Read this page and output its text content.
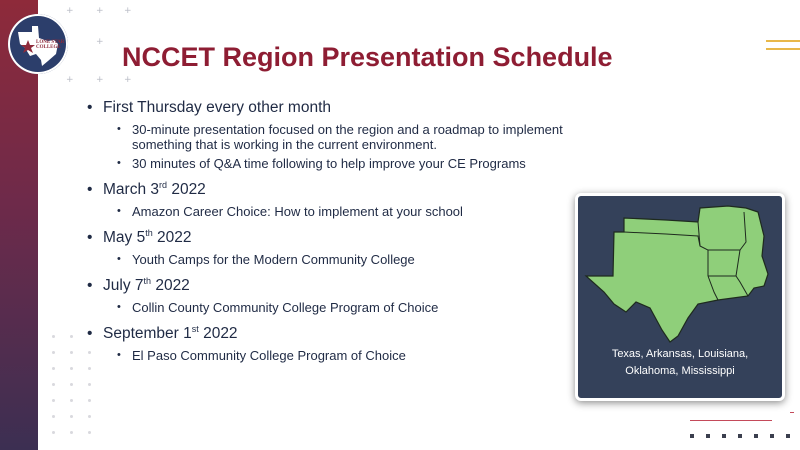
LONE STAR COLLEGE
+ + +
+
+ + +
NCCET Region Presentation Schedule
• First Thursday every other month
• 30-minute presentation focused on the region and a roadmap to implement something that is working in the current environment.
• 30 minutes of Q&A time following to help improve your CE Programs
• March 3rd 2022
• Amazon Career Choice: How to implement at your school
• May 5th 2022
• Youth Camps for the Modern Community College
• July 7th 2022
• Collin County Community College Program of Choice
• September 1st 2022
• El Paso Community College Program of Choice	Texas, Arkansas, Louisiana,
Oklahoma, Mississippi
